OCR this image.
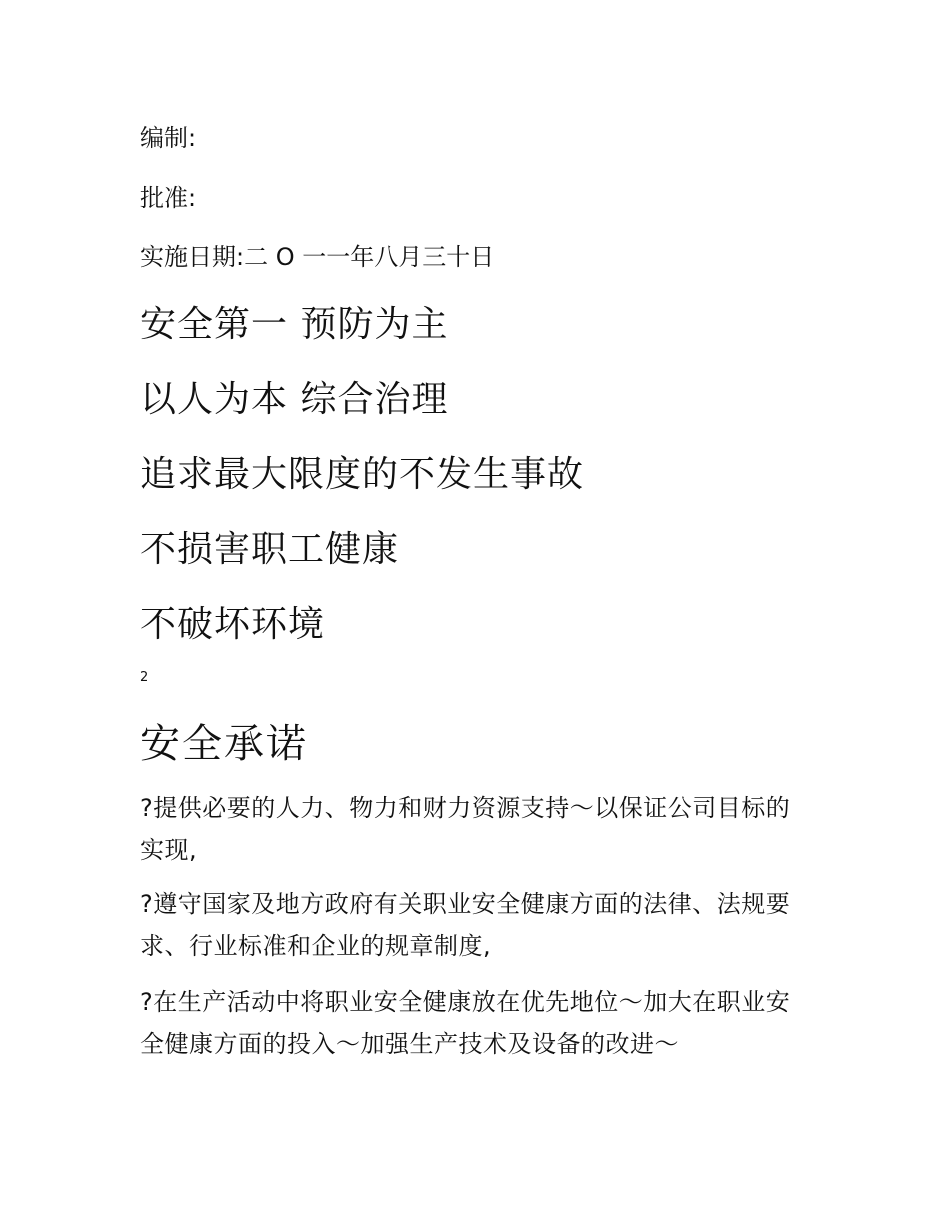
编制:
批准:
实施日期:二 O 一一年八月三十日
安全第一 预防为主
以人为本 综合治理
追求最大限度的不发生事故
不损害职工健康
不破坏环境
2
安全承诺
?提供必要的人力、物力和财力资源支持～以保证公司目标的实现,
?遵守国家及地方政府有关职业安全健康方面的法律、法规要求、行业标准和企业的规章制度,
?在生产活动中将职业安全健康放在优先地位～加大在职业安全健康方面的投入～加强生产技术及设备的改进～
